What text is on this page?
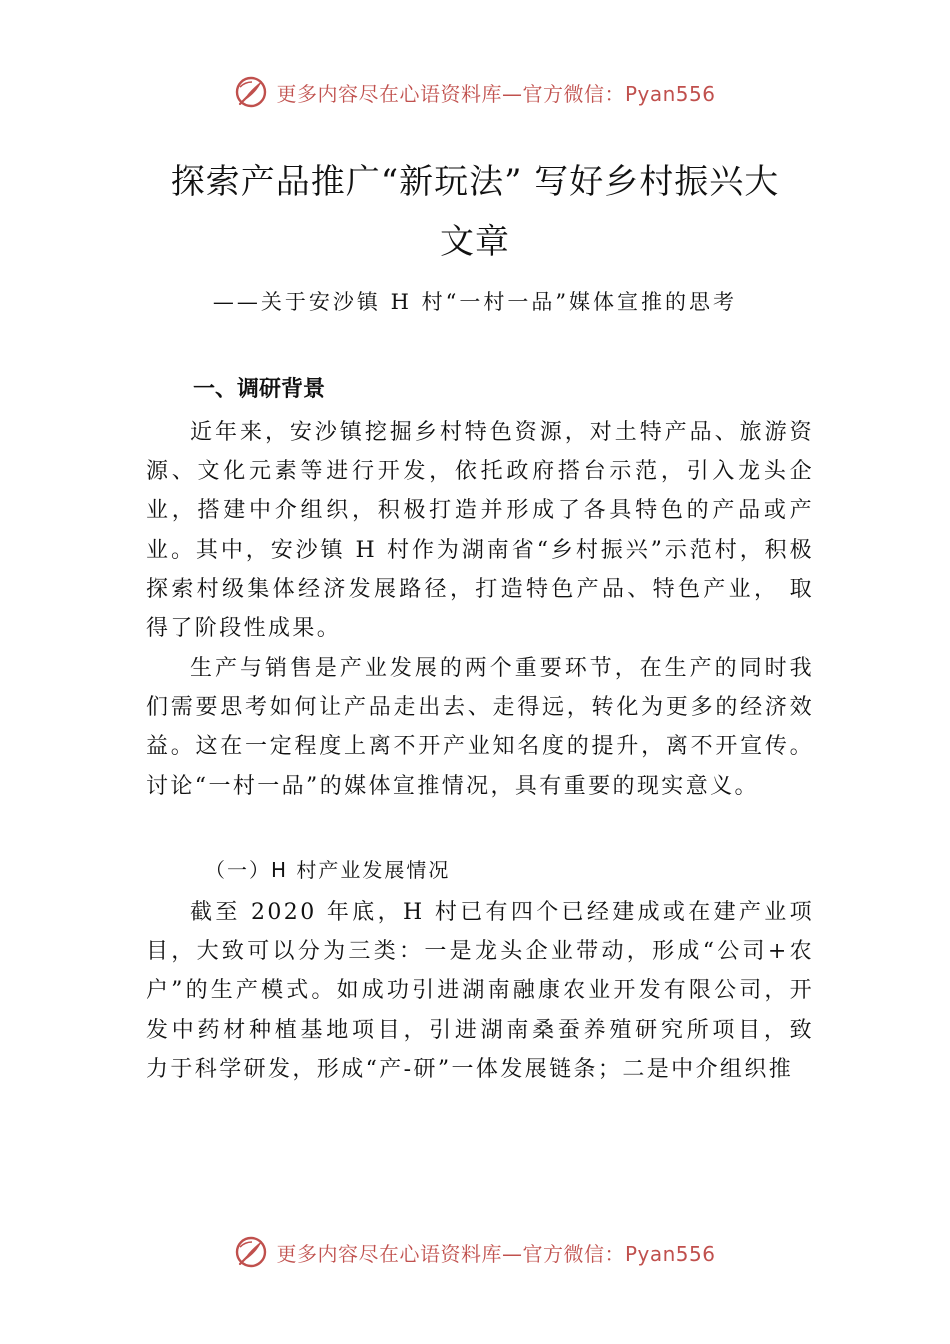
更多内容尽在心语资料库—官方微信：Pyan556
探索产品推广“新玩法” 写好乡村振兴大
文章
——关于安沙镇 H 村“一村一品”媒体宣推的思考
一、调研背景

近年来，安沙镇挖掘乡村特色资源，对土特产品、旅游资源、文化元素等进行开发，依托政府搭台示范，引入龙头企业，搭建中介组织，积极打造并形成了各具特色的产品或产业。其中，安沙镇 H 村作为湖南省“乡村振兴”示范村，积极探索村级集体经济发展路径，打造特色产品、特色产业， 取得了阶段性成果。

生产与销售是产业发展的两个重要环节，在生产的同时我们需要思考如何让产品走出去、走得远，转化为更多的经济效益。这在一定程度上离不开产业知名度的提升，离不开宣传。讨论“一村一品”的媒体宣推情况，具有重要的现实意义。

（一）H 村产业发展情况

截至 2020 年底，H 村已有四个已经建成或在建产业项目，大致可以分为三类：一是龙头企业带动，形成“公司+农户”的生产模式。如成功引进湖南融康农业开发有限公司，开发中药材种植基地项目，引进湖南桑蚕养殖研究所项目，致 力于科学研发，形成“产-研”一体发展链条；二是中介组织推

更多内容尽在心语资料库—官方微信：Pyan556
